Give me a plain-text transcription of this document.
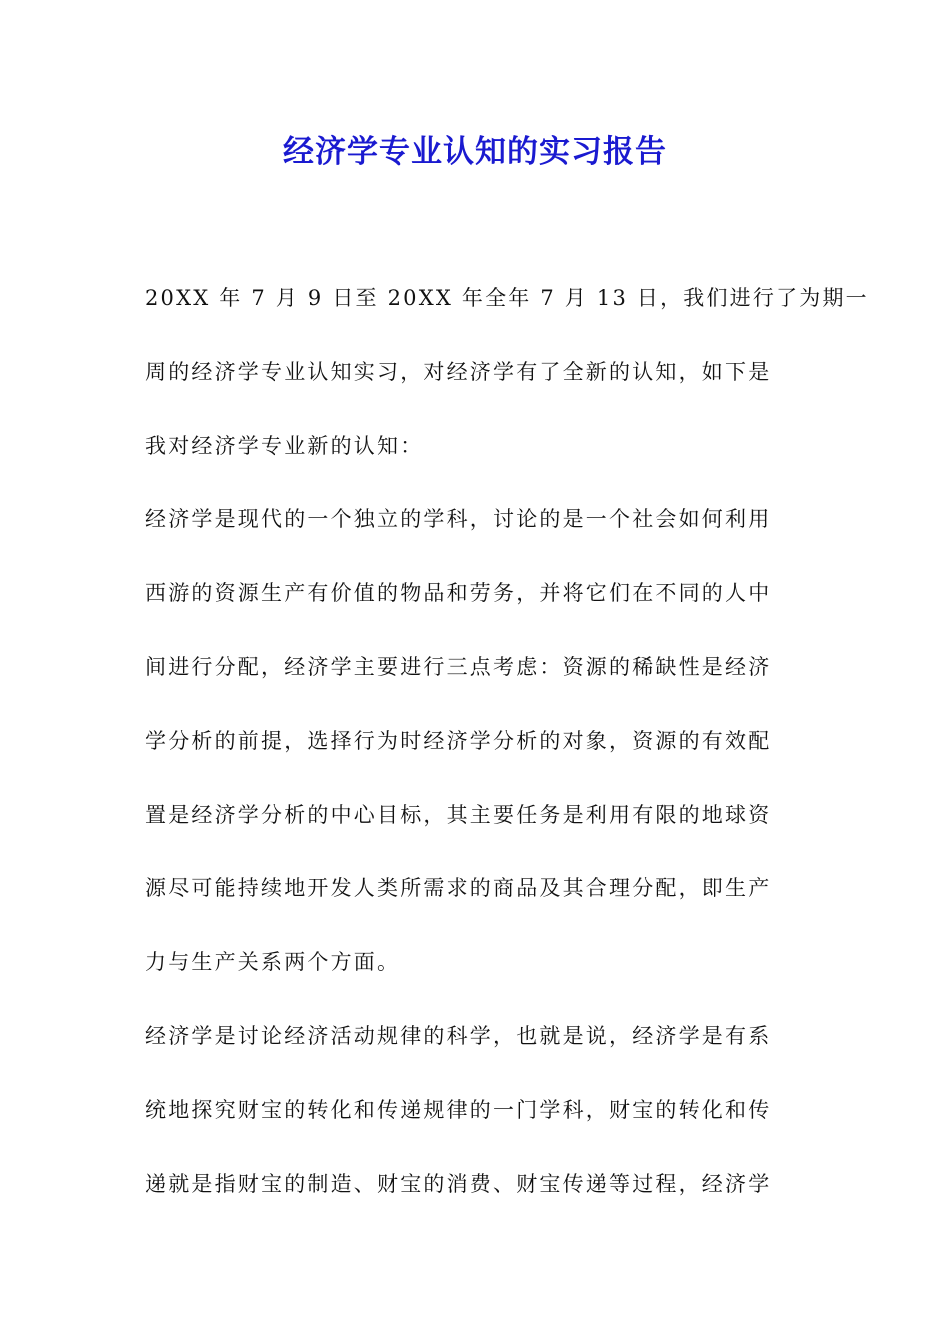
经济学专业认知的实习报告
20XX 年 7 月 9 日至 20XX 年全年 7 月 13 日，我们进行了为期一
周的经济学专业认知实习，对经济学有了全新的认知，如下是
我对经济学专业新的认知：
经济学是现代的一个独立的学科，讨论的是一个社会如何利用
西游的资源生产有价值的物品和劳务，并将它们在不同的人中
间进行分配，经济学主要进行三点考虑：资源的稀缺性是经济
学分析的前提，选择行为时经济学分析的对象，资源的有效配
置是经济学分析的中心目标，其主要任务是利用有限的地球资
源尽可能持续地开发人类所需求的商品及其合理分配，即生产
力与生产关系两个方面。
经济学是讨论经济活动规律的科学，也就是说，经济学是有系
统地探究财宝的转化和传递规律的一门学科，财宝的转化和传
递就是指财宝的制造、财宝的消费、财宝传递等过程，经济学
